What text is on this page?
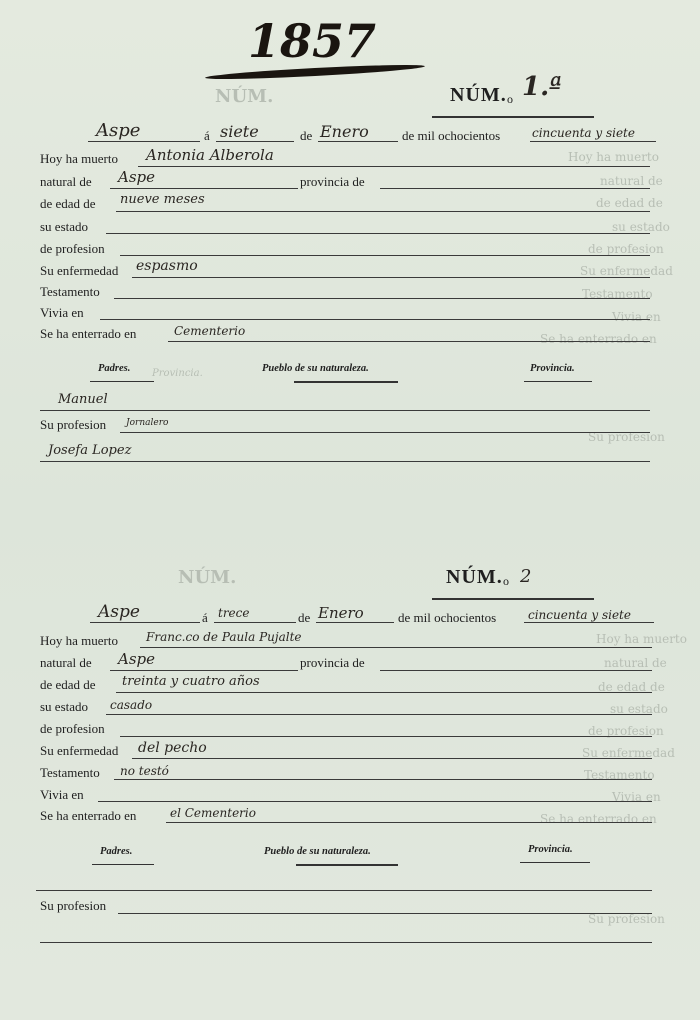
NÚM.
Hoy ha muerto
natural de
de edad de
su estado
de profesion
Su enfermedad
Testamento
Vivia en
Se ha enterrado en
Provincia.
Su profesion
1857
NÚM. o 1.ª
Aspe	á siete	de Enero	de mil ochocientos	cincuenta y siete
Hoy ha muerto Antonia Alberola
natural de Aspe	provincia de
de edad de nueve meses
su estado
de profesion
Su enfermedad espasmo
Testamento
Vivia en
Se ha enterrado en	Cementerio
Padres.	Pueblo de su naturaleza.	Provincia.
Manuel
Su profesion Jornalero
Josefa Lopez
NÚM.
Hoy ha muerto
natural de
de edad de
su estado
de profesion
Su enfermedad
Testamento
Vivia en
Se ha enterrado en
Su profesion
NÚM. o 2
Aspe	á trece	de Enero	de mil ochocientos	cincuenta y siete
Hoy ha muerto Franc.co de Paula Pujalte
natural de Aspe	provincia de
de edad de treinta y cuatro años
su estado casado
de profesion
Su enfermedad del pecho
Testamento no testó
Vivia en
Se ha enterrado en	el Cementerio
Padres.	Pueblo de su naturaleza.	Provincia.
Su profesion
